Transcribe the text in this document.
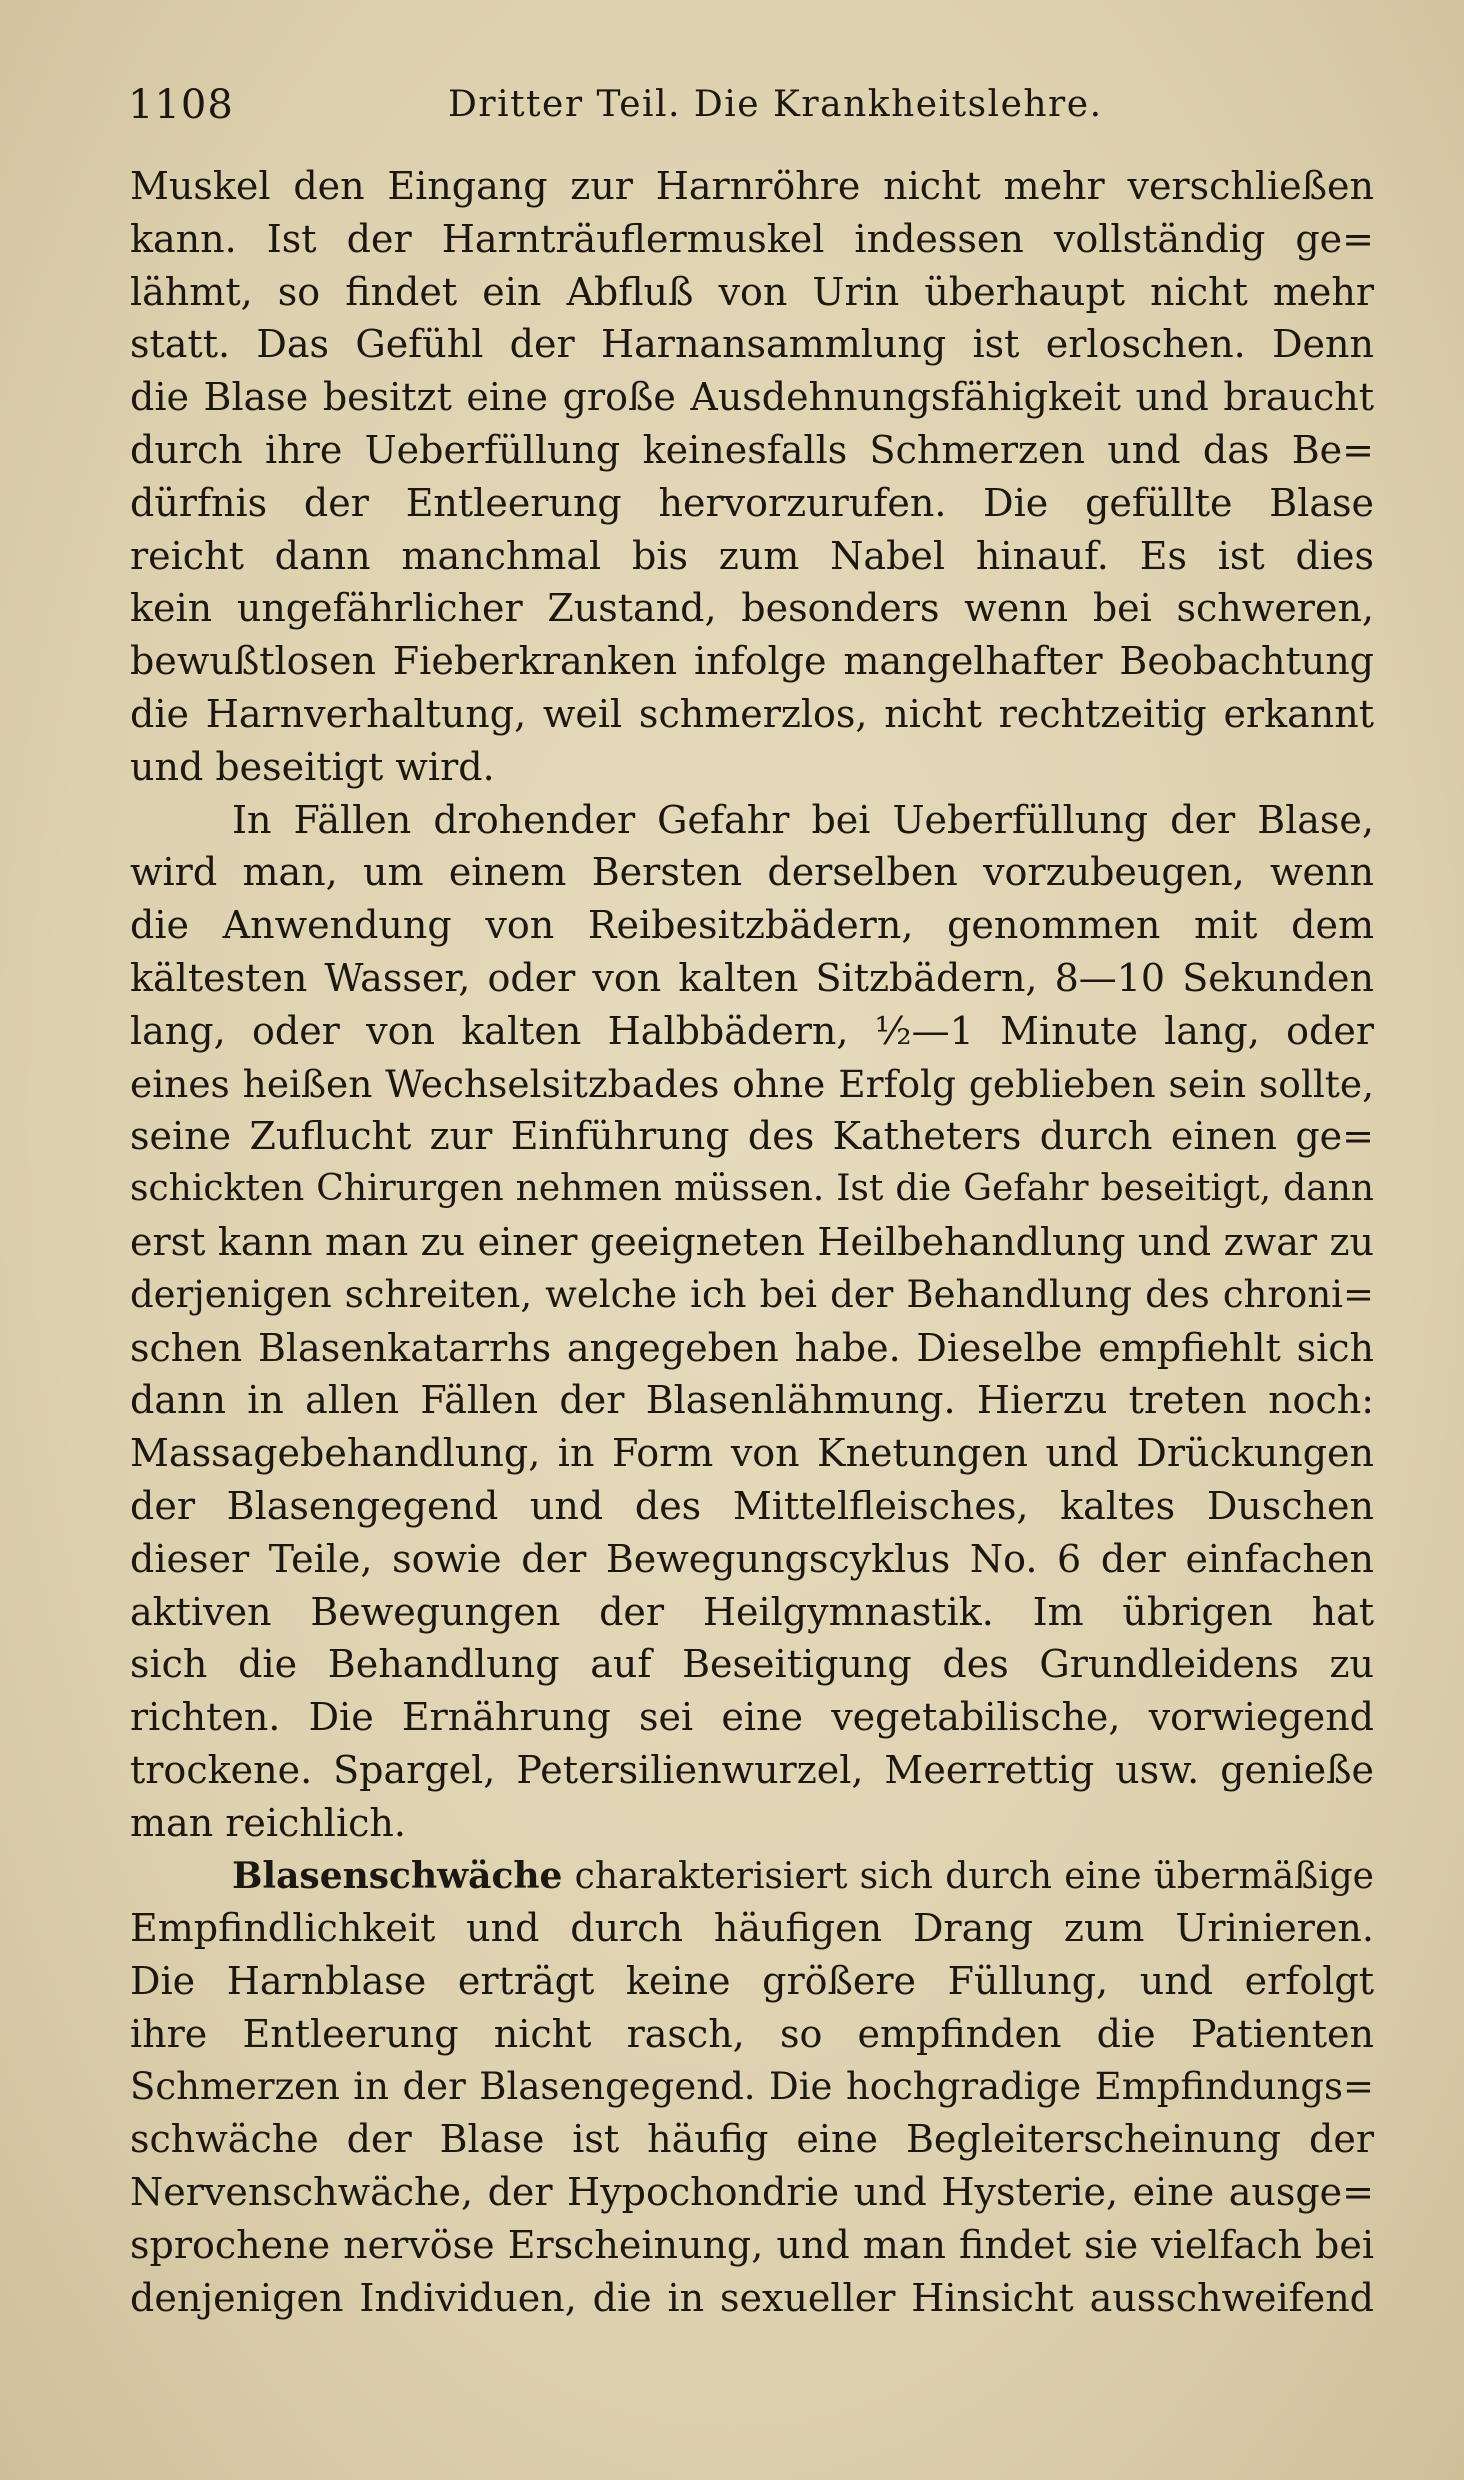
1108	Dritter Teil. Die Krankheitslehre.
Muskel den Eingang zur Harnröhre nicht mehr verschließen
kann. Ist der Harnträuflermuskel indessen vollständig ge=
lähmt, so findet ein Abfluß von Urin überhaupt nicht mehr
statt. Das Gefühl der Harnansammlung ist erloschen. Denn
die Blase besitzt eine große Ausdehnungsfähigkeit und braucht
durch ihre Ueberfüllung keinesfalls Schmerzen und das Be=
dürfnis der Entleerung hervorzurufen. Die gefüllte Blase
reicht dann manchmal bis zum Nabel hinauf. Es ist dies
kein ungefährlicher Zustand, besonders wenn bei schweren,
bewußtlosen Fieberkranken infolge mangelhafter Beobachtung
die Harnverhaltung, weil schmerzlos, nicht rechtzeitig erkannt
und beseitigt wird.
In Fällen drohender Gefahr bei Ueberfüllung der Blase,
wird man, um einem Bersten derselben vorzubeugen, wenn
die Anwendung von Reibesitzbädern, genommen mit dem
kältesten Wasser, oder von kalten Sitzbädern, 8—10 Sekunden
lang, oder von kalten Halbbädern, ½—1 Minute lang, oder
eines heißen Wechselsitzbades ohne Erfolg geblieben sein sollte,
seine Zuflucht zur Einführung des Katheters durch einen ge=
schickten Chirurgen nehmen müssen. Ist die Gefahr beseitigt, dann
erst kann man zu einer geeigneten Heilbehandlung und zwar zu
derjenigen schreiten, welche ich bei der Behandlung des chroni=
schen Blasenkatarrhs angegeben habe. Dieselbe empfiehlt sich
dann in allen Fällen der Blasenlähmung. Hierzu treten noch:
Massagebehandlung, in Form von Knetungen und Drückungen
der Blasengegend und des Mittelfleisches, kaltes Duschen
dieser Teile, sowie der Bewegungscyklus No. 6 der einfachen
aktiven Bewegungen der Heilgymnastik. Im übrigen hat
sich die Behandlung auf Beseitigung des Grundleidens zu
richten. Die Ernährung sei eine vegetabilische, vorwiegend
trockene. Spargel, Petersilienwurzel, Meerrettig usw. genieße
man reichlich.
Blasenschwäche charakterisiert sich durch eine übermäßige
Empfindlichkeit und durch häufigen Drang zum Urinieren.
Die Harnblase erträgt keine größere Füllung, und erfolgt
ihre Entleerung nicht rasch, so empfinden die Patienten
Schmerzen in der Blasengegend. Die hochgradige Empfindungs=
schwäche der Blase ist häufig eine Begleiterscheinung der
Nervenschwäche, der Hypochondrie und Hysterie, eine ausge=
sprochene nervöse Erscheinung, und man findet sie vielfach bei
denjenigen Individuen, die in sexueller Hinsicht ausschweifend
